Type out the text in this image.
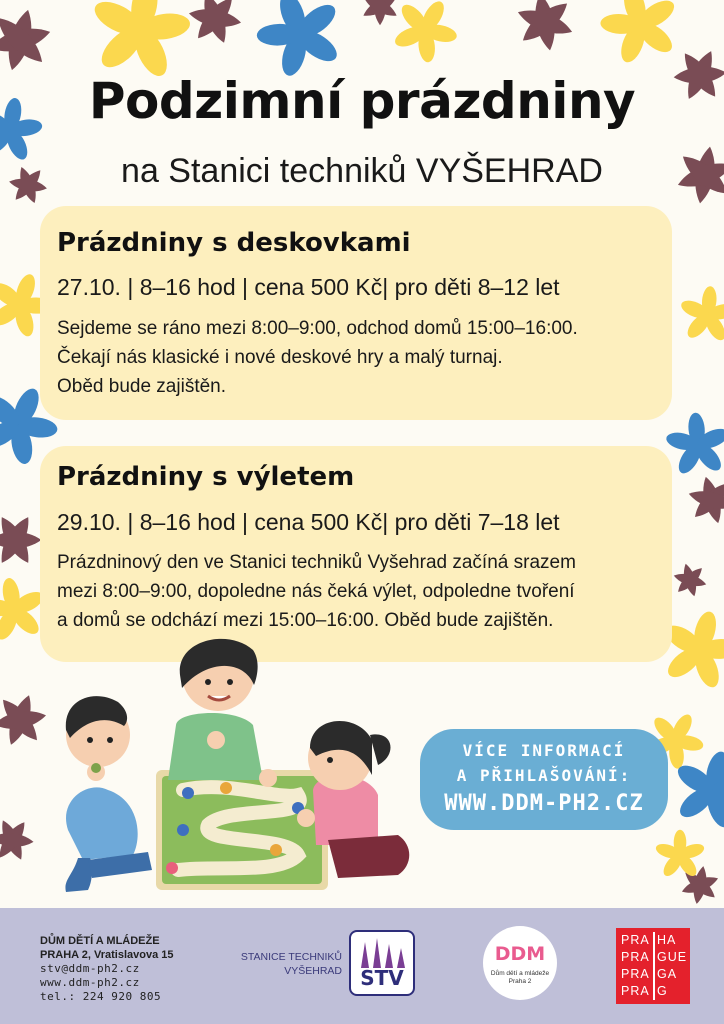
Podzimní prázdniny
na Stanici techniků VYŠEHRAD
Prázdniny s deskovkami
27.10. | 8–16 hod | cena 500 Kč| pro děti 8–12 let
Sejdeme se ráno mezi 8:00–9:00, odchod domů 15:00–16:00.
Čekají nás klasické i nové deskové hry a malý turnaj.
Oběd bude zajištěn.
Prázdniny s výletem
29.10. | 8–16 hod | cena 500 Kč| pro děti 7–18 let
Prázdninový den ve Stanici techniků Vyšehrad začíná srazem
mezi 8:00–9:00, dopoledne nás čeká výlet, odpoledne tvoření
a domů se odchází mezi 15:00–16:00. Oběd bude zajištěn.
VÍCE INFORMACÍ
A PŘIHLAŠOVÁNÍ:
WWW.DDM-PH2.CZ
DŮM DĚTÍ A MLÁDEŽE
PRAHA 2, Vratislavova 15
stv@ddm-ph2.cz
www.ddm-ph2.cz
tel.: 224 920 805
STANICE TECHNIKŮ
VYŠEHRAD STV
DDM
Dům dětí a mládeže
Praha 2
PRA
PRA
PRA
PRA
HA
GUE
GA
G
